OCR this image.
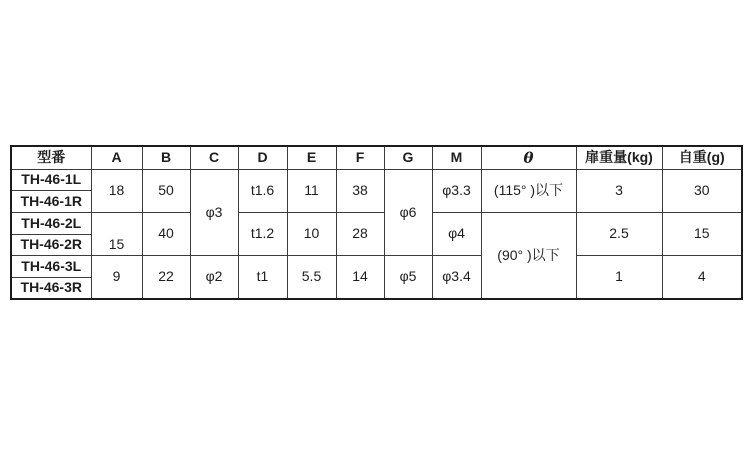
型番	A	B	C	D	E	F	G	M	θ	扉重量(kg)	自重(g)
TH-46-1L	18	50	φ3	t1.6	11	38	φ6	φ3.3	(115° )以下	3	30
TH-46-1R											
TH-46-2L	15	40		t1.2	10	28		φ4	(90° )以下	2.5	15
TH-46-2R											
TH-46-3L	9	22	φ2	t1	5.5	14	φ5	φ3.4		1	4
TH-46-3R											
